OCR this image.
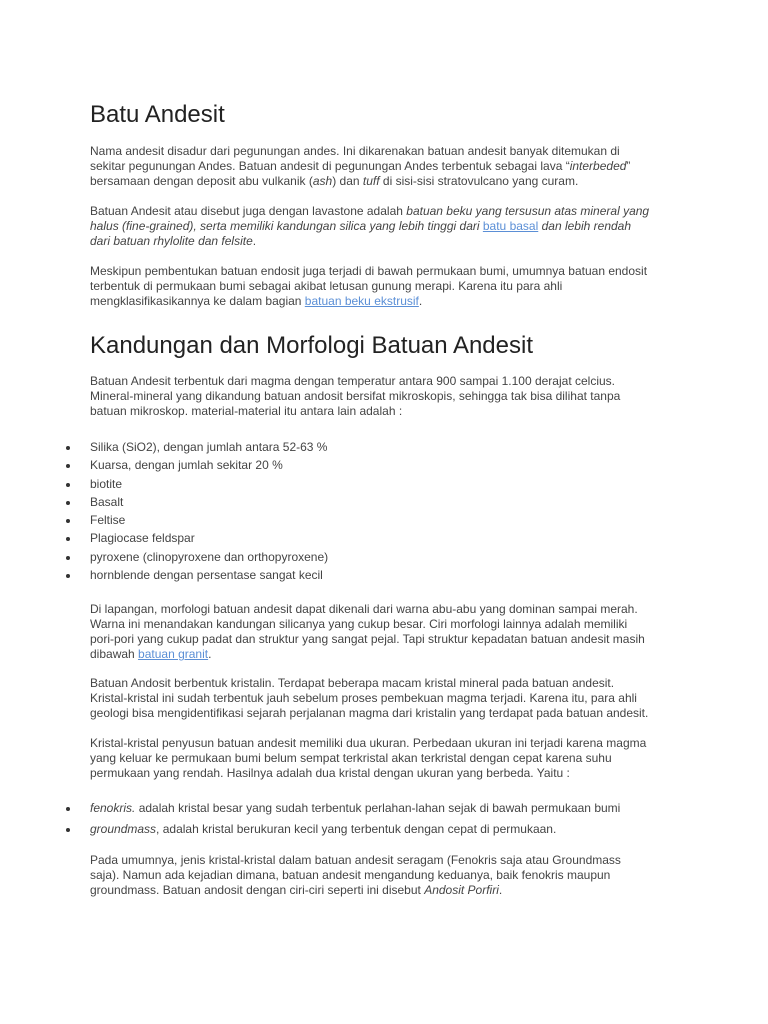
Batu Andesit

Nama andesit disadur dari pegunungan andes. Ini dikarenakan batuan andesit banyak ditemukan di
sekitar pegunungan Andes. Batuan andesit di pegunungan Andes terbentuk sebagai lava “interbeded”
bersamaan dengan deposit abu vulkanik (ash) dan tuff di sisi-sisi stratovulcano yang curam.

Batuan Andesit atau disebut juga dengan lavastone adalah batuan beku yang tersusun atas mineral yang
halus (fine-grained), serta memiliki kandungan silica yang lebih tinggi dari batu basal dan lebih rendah
dari batuan rhylolite dan felsite.

Meskipun pembentukan batuan endosit juga terjadi di bawah permukaan bumi, umumnya batuan endosit
terbentuk di permukaan bumi sebagai akibat letusan gunung merapi. Karena itu para ahli
mengklasifikasikannya ke dalam bagian batuan beku ekstrusif.

Kandungan dan Morfologi Batuan Andesit

Batuan Andesit terbentuk dari magma dengan temperatur antara 900 sampai 1.100 derajat celcius.
Mineral-mineral yang dikandung batuan andosit bersifat mikroskopis, sehingga tak bisa dilihat tanpa
batuan mikroskop. material-material itu antara lain adalah :

Silika (SiO2), dengan jumlah antara 52-63 %
Kuarsa, dengan jumlah sekitar 20 %
biotite
Basalt
Feltise
Plagiocase feldspar
pyroxene (clinopyroxene dan orthopyroxene)
hornblende dengan persentase sangat kecil

Di lapangan, morfologi batuan andesit dapat dikenali dari warna abu-abu yang dominan sampai merah.
Warna ini menandakan kandungan silicanya yang cukup besar. Ciri morfologi lainnya adalah memiliki
pori-pori yang cukup padat dan struktur yang sangat pejal. Tapi struktur kepadatan batuan andesit masih
dibawah batuan granit.

Batuan Andosit berbentuk kristalin. Terdapat beberapa macam kristal mineral pada batuan andesit.
Kristal-kristal ini sudah terbentuk jauh sebelum proses pembekuan magma terjadi. Karena itu, para ahli
geologi bisa mengidentifikasi sejarah perjalanan magma dari kristalin yang terdapat pada batuan andesit.

Kristal-kristal penyusun batuan andesit memiliki dua ukuran. Perbedaan ukuran ini terjadi karena magma
yang keluar ke permukaan bumi belum sempat terkristal akan terkristal dengan cepat karena suhu
permukaan yang rendah. Hasilnya adalah dua kristal dengan ukuran yang berbeda. Yaitu :

fenokris. adalah kristal besar yang sudah terbentuk perlahan-lahan sejak di bawah permukaan bumi
groundmass, adalah kristal berukuran kecil yang terbentuk dengan cepat di permukaan.

Pada umumnya, jenis kristal-kristal dalam batuan andesit seragam (Fenokris saja atau Groundmass
saja). Namun ada kejadian dimana, batuan andesit mengandung keduanya, baik fenokris maupun
groundmass. Batuan andosit dengan ciri-ciri seperti ini disebut Andosit Porfiri.
